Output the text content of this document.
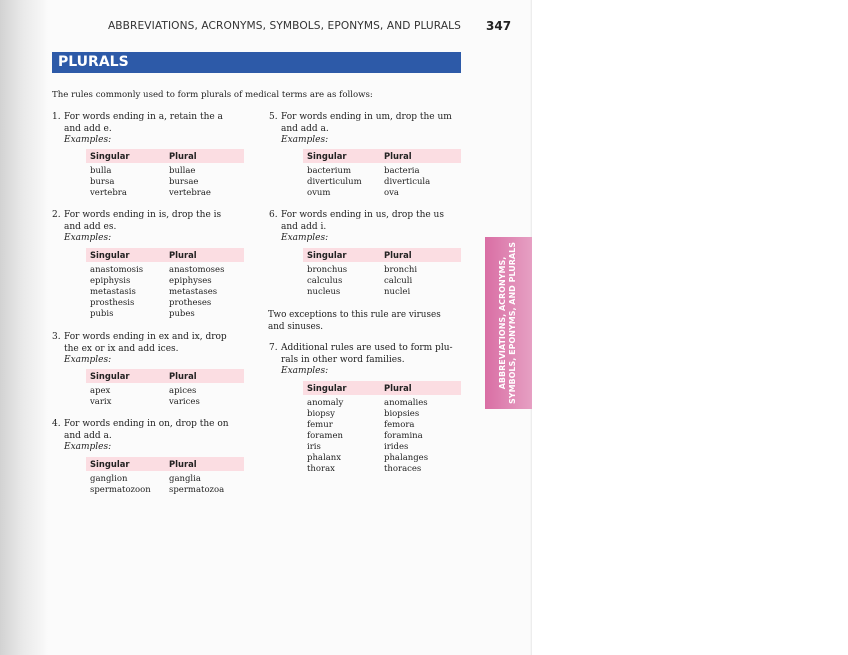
ABBREVIATIONS, ACRONYMS, SYMBOLS, EPONYMS, AND PLURALS 347
PLURALS
The rules commonly used to form plurals of medical terms are as follows:
1. For words ending in a, retain the a
and add e.
Examples:
Singular	Plural
bulla	bullae
bursa	bursae
vertebra	vertebrae
2. For words ending in is, drop the is
and add es.
Examples:
Singular	Plural
anastomosis	anastomoses
epiphysis	epiphyses
metastasis	metastases
prosthesis	protheses
pubis	pubes
3. For words ending in ex and ix, drop
the ex or ix and add ices.
Examples:
Singular	Plural
apex	apices
varix	varices
4. For words ending in on, drop the on
and add a.
Examples:
Singular	Plural
ganglion	ganglia
spermatozoon spermatozoa
5. For words ending in um, drop the um
and add a.
Examples:
Singular	Plural
bacterium	bacteria
diverticulum	diverticula
ovum	ova
6. For words ending in us, drop the us
and add i.
Examples:
Singular	Plural
bronchus	bronchi
calculus	calculi
nucleus	nuclei
Two exceptions to this rule are viruses
and sinuses.
7. Additional rules are used to form plu-
rals in other word families.
Examples:
Singular	Plural
anomaly	anomalies
biopsy	biopsies
femur	femora
foramen	foramina
iris	irides
phalanx	phalanges
thorax	thoraces
ABBREVIATIONS, ACRONYMS, SYMBOLS, EPONYMS, AND PLURALS
